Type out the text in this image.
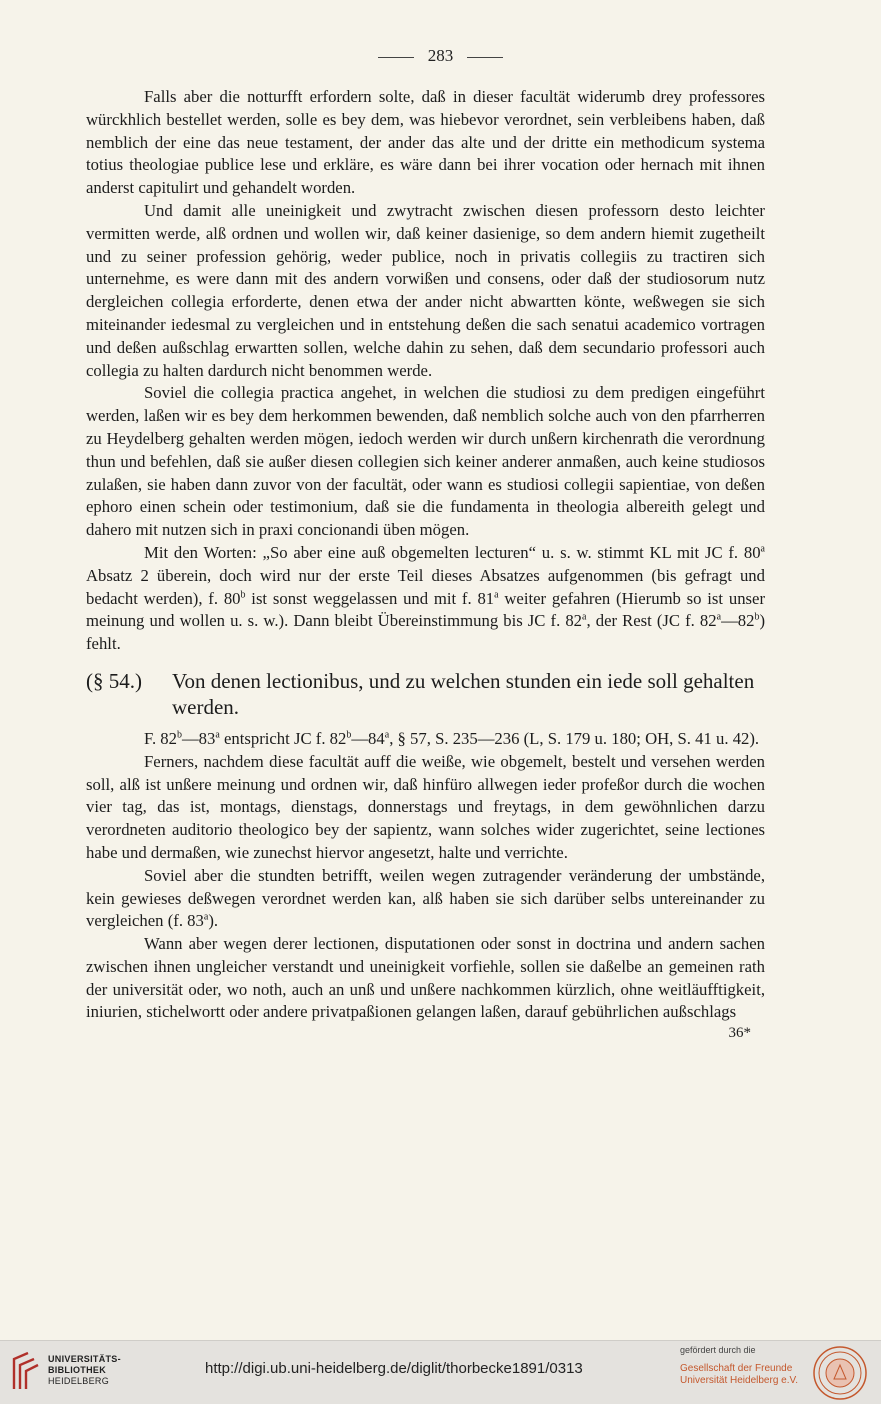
283

Falls aber die notturfft erfordern solte, daß in dieser facultät widerumb drey professores würckhlich bestellet werden, solle es bey dem, was hiebevor verordnet, sein verbleibens haben, daß nemblich der eine das neue testament, der ander das alte und der dritte ein methodicum systema totius theologiae publice lese und erkläre, es wäre dann bei ihrer vocation oder hernach mit ihnen anderst capitulirt und gehandelt worden.

Und damit alle uneinigkeit und zwytracht zwischen diesen professorn desto leichter vermitten werde, alß ordnen und wollen wir, daß keiner dasienige, so dem andern hiemit zugetheilt und zu seiner profession gehörig, weder publice, noch in privatis collegiis zu tractiren sich unternehme, es were dann mit des andern vorwißen und consens, oder daß der studiosorum nutz dergleichen collegia erforderte, denen etwa der ander nicht abwartten könte, weßwegen sie sich miteinander iedesmal zu vergleichen und in entstehung deßen die sach senatui academico vortragen und deßen außschlag erwartten sollen, welche dahin zu sehen, daß dem secundario professori auch collegia zu halten dardurch nicht benommen werde.

Soviel die collegia practica angehet, in welchen die studiosi zu dem predigen eingeführt werden, laßen wir es bey dem herkommen bewenden, daß nemblich solche auch von den pfarrherren zu Heydelberg gehalten werden mögen, iedoch werden wir durch unßern kirchenrath die verordnung thun und befehlen, daß sie außer diesen collegien sich keiner anderer anmaßen, auch keine studiosos zulaßen, sie haben dann zuvor von der facultät, oder wann es studiosi collegii sapientiae, von deßen ephoro einen schein oder testimonium, daß sie die fundamenta in theologia albereith gelegt und dahero mit nutzen sich in praxi concionandi üben mögen.

Mit den Worten: „So aber eine auß obgemelten lecturen“ u. s. w. stimmt KL mit JC f. 80$^a$ Absatz 2 überein, doch wird nur der erste Teil dieses Absatzes aufgenommen (bis gefragt und bedacht werden), f. 80$^b$ ist sonst weggelassen und mit f. 81$^a$ weiter gefahren (Hierumb so ist unser meinung und wollen u. s. w.). Dann bleibt Übereinstimmung bis JC f. 82$^a$, der Rest (JC f. 82$^a$—82$^b$) fehlt.

(§ 54.) Von denen lectionibus, und zu welchen stunden ein iede soll gehalten werden.

F. 82$^b$—83$^a$ entspricht JC f. 82$^b$—84$^a$, § 57, S. 235—236 (L, S. 179 u. 180; OH, S. 41 u. 42).

Ferners, nachdem diese facultät auff die weiße, wie obgemelt, bestelt und versehen werden soll, alß ist unßere meinung und ordnen wir, daß hinfüro allwegen ieder profeßor durch die wochen vier tag, das ist, montags, dienstags, donnerstags und freytags, in dem gewöhnlichen darzu verordneten auditorio theologico bey der sapientz, wann solches wider zugerichtet, seine lectiones habe und dermaßen, wie zunechst hiervor angesetzt, halte und verrichte.

Soviel aber die stundten betrifft, weilen wegen zutragender veränderung der umbstände, kein gewieses deßwegen verordnet werden kan, alß haben sie sich darüber selbs untereinander zu vergleichen (f. 83$^a$).

Wann aber wegen derer lectionen, disputationen oder sonst in doctrina und andern sachen zwischen ihnen ungleicher verstandt und uneinigkeit vorfiehle, sollen sie daßelbe an gemeinen rath der universität oder, wo noth, auch an unß und unßere nachkommen kürzlich, ohne weitläufftigkeit, iniurien, stichelwortt oder andere privatpaßionen gelangen laßen, darauf gebührlichen außschlags

36*
UNIVERSITÄTS-
BIBLIOTHEK
HEIDELBERG
http://digi.ub.uni-heidelberg.de/diglit/thorbecke1891/0313
gefördert durch die
Gesellschaft der Freunde
Universität Heidelberg e.V.
